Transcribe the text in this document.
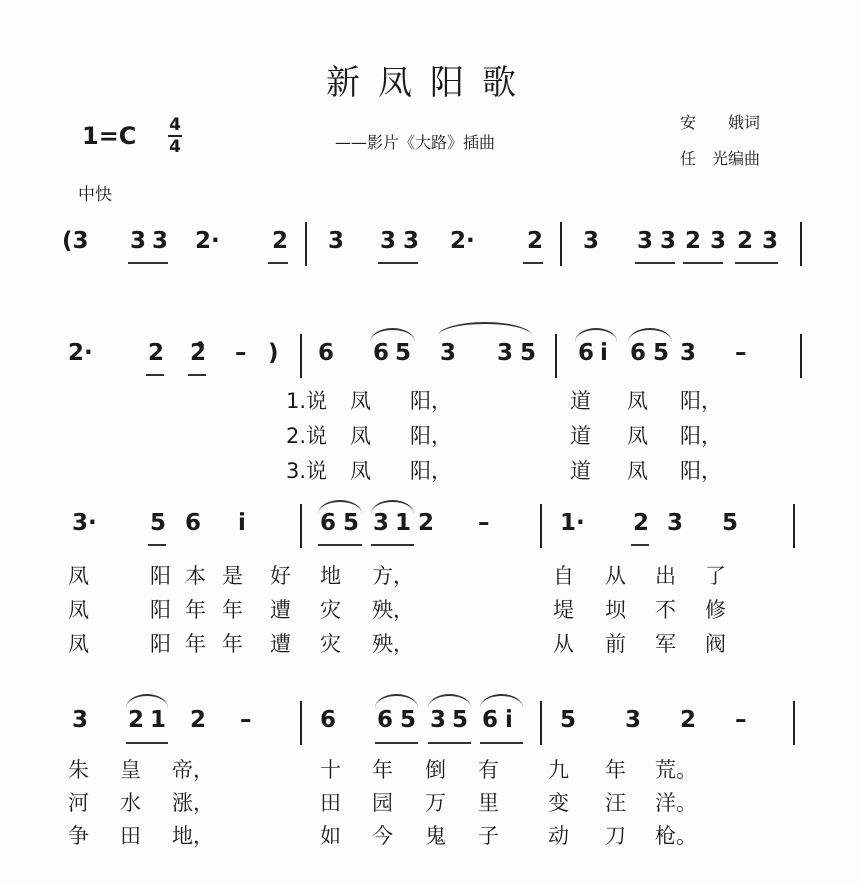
新凤阳歌
1=C 4
4	——影片《大路》插曲
安　　娥词
任　光编曲
中快
(3 3 3 2· 2 3 3 3 2· 2 3 3 3 2 3 2 3
2· 2 2̂ – ) 6 6 5 3 3 5 6 i̇ 6 5 3 –
1.说 凤 阳，	道 凤 阳，
2.说 凤 阳，	道 凤 阳，
3.说 凤 阳，	道 凤 阳，
3· 5 6 i̇	6 5 3 1 2 –	1· 2 3 5
凤	阳 本 是 好 地 方，	自 从 出 了
凤	阳 年 年 遭 灾 殃，	堤 坝 不 修
凤	阳 年 年 遭 灾 殃，	从 前 军 阀
3 2 1 2 –	6 6 5 3 5 6 i̇ 5 3 2 –
朱 皇 帝，	十 年 倒 有 九 年 荒。
河 水 涨，	田 园 万 里 变 汪 洋。
争 田 地，	如 今 鬼 子 动 刀 枪。
